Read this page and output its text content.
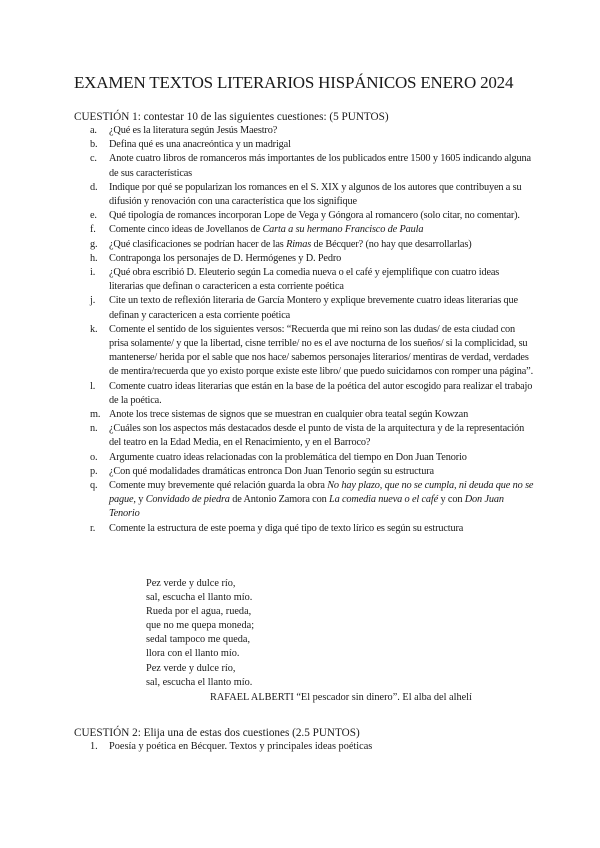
EXAMEN TEXTOS LITERARIOS HISPÁNICOS ENERO 2024
CUESTIÓN 1: contestar 10 de las siguientes cuestiones: (5 PUNTOS)
a. ¿Qué es la literatura según Jesús Maestro?
b. Defina qué es una anacreóntica y un madrigal
c. Anote cuatro libros de romanceros más importantes de los publicados entre 1500 y 1605 indicando alguna de sus características
d. Indique por qué se popularizan los romances en el S. XIX y algunos de los autores que contribuyen a su difusión y renovación con una característica que los signifique
e. Qué tipología de romances incorporan Lope de Vega y Góngora al romancero (solo citar, no comentar).
f. Comente cinco ideas de Jovellanos de Carta a su hermano Francisco de Paula
g. ¿Qué clasificaciones se podrían hacer de las Rimas de Bécquer? (no hay que desarrollarlas)
h. Contraponga los personajes de D. Hermógenes y D. Pedro
i. ¿Qué obra escribió D. Eleuterio según La comedia nueva o el café y ejemplifique con cuatro ideas literarias que definan o caractericen a esta corriente poética
j. Cite un texto de reflexión literaria de García Montero y explique brevemente cuatro ideas literarias que definan y caractericen a esta corriente poética
k. Comente el sentido de los siguientes versos: “Recuerda que mi reino son las dudas/ de esta ciudad con prisa solamente/ y que la libertad, cisne terrible/ no es el ave nocturna de los sueños/ si la complicidad, su mantenerse/ herida por el sable que nos hace/ sabemos personajes literarios/ mentiras de verdad, verdades de mentira/recuerda que yo existo porque existe este libro/ que puedo suicidarnos con romper una página”.
l. Comente cuatro ideas literarias que están en la base de la poética del autor escogido para realizar el trabajo de la poética.
m. Anote los trece sistemas de signos que se muestran en cualquier obra teatal según Kowzan
n. ¿Cuáles son los aspectos más destacados desde el punto de vista de la arquitectura y de la representación del teatro en la Edad Media, en el Renacimiento, y en el Barroco?
o. Argumente cuatro ideas relacionadas con la problemática del tiempo en Don Juan Tenorio
p. ¿Con qué modalidades dramáticas entronca Don Juan Tenorio según su estructura
q. Comente muy brevemente qué relación guarda la obra No hay plazo, que no se cumpla, ni deuda que no se pague, y Convidado de piedra de Antonio Zamora con La comedia nueva o el café y con Don Juan Tenorio
r. Comente la estructura de este poema y diga qué tipo de texto lírico es según su estructura
Pez verde y dulce río,
sal, escucha el llanto mío.
Rueda por el agua, rueda,
que no me quepa moneda;
sedal tampoco me queda,
llora con el llanto mío.
Pez verde y dulce río,
sal, escucha el llanto mío.
RAFAEL ALBERTI “El pescador sin dinero”. El alba del alhelí
CUESTIÓN 2: Elija una de estas dos cuestiones (2.5 PUNTOS)
1. Poesía y poética en Bécquer. Textos y principales ideas poéticas
